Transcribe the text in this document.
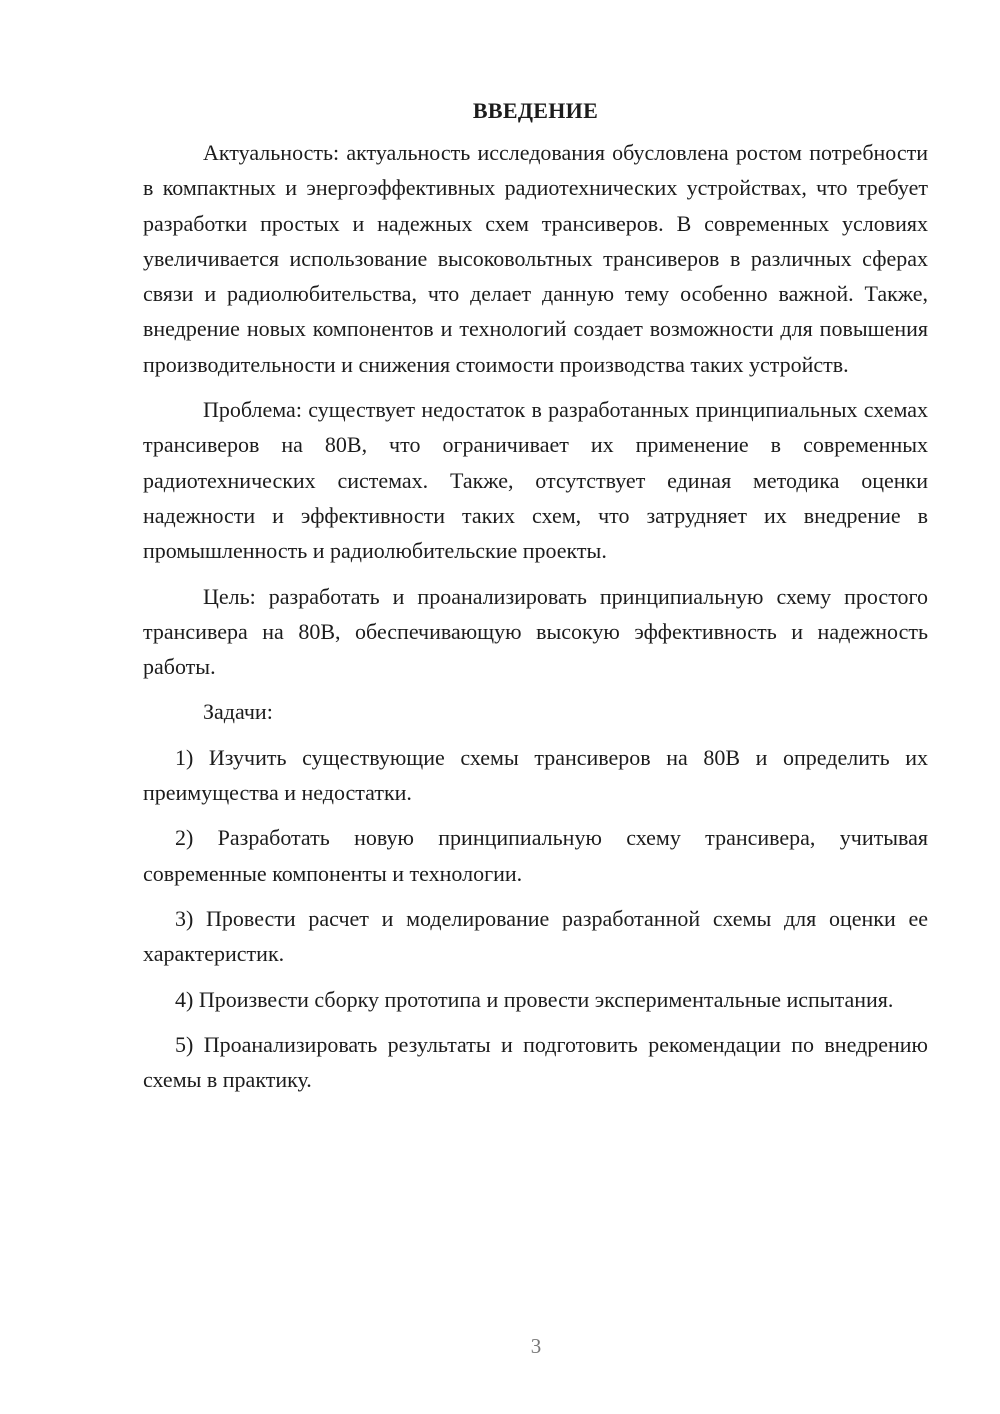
ВВЕДЕНИЕ

Актуальность: актуальность исследования обусловлена ростом потребности в компактных и энергоэффективных радиотехнических устройствах, что требует разработки простых и надежных схем трансиверов. В современных условиях увеличивается использование высоковольтных трансиверов в различных сферах связи и радиолюбительства, что делает данную тему особенно важной. Также, внедрение новых компонентов и технологий создает возможности для повышения производительности и снижения стоимости производства таких устройств.

Проблема: существует недостаток в разработанных принципиальных схемах трансиверов на 80В, что ограничивает их применение в современных радиотехнических системах. Также, отсутствует единая методика оценки надежности и эффективности таких схем, что затрудняет их внедрение в промышленность и радиолюбительские проекты.

Цель: разработать и проанализировать принципиальную схему простого трансивера на 80В, обеспечивающую высокую эффективность и надежность работы.

Задачи:

1) Изучить существующие схемы трансиверов на 80В и определить их преимущества и недостатки.

2) Разработать новую принципиальную схему трансивера, учитывая современные компоненты и технологии.

3) Провести расчет и моделирование разработанной схемы для оценки ее характеристик.

4) Произвести сборку прототипа и провести экспериментальные испытания.

5) Проанализировать результаты и подготовить рекомендации по внедрению схемы в практику.

3
